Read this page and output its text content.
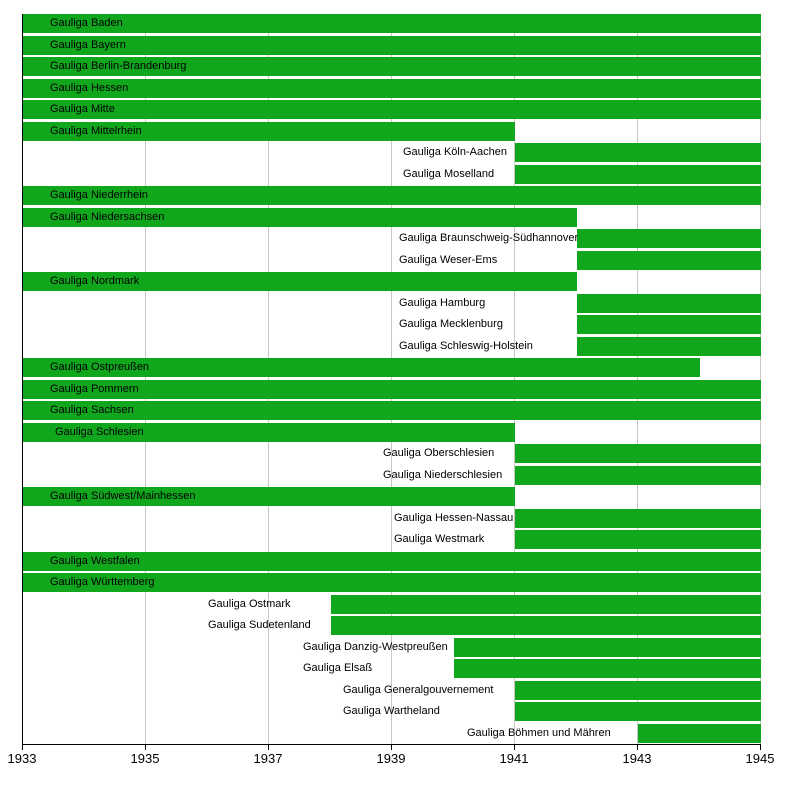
Gauliga Baden
Gauliga Bayern
Gauliga Berlin-Brandenburg
Gauliga Hessen
Gauliga Mitte
Gauliga Mittelrhein
Gauliga Köln-Aachen
Gauliga Moselland
Gauliga Niederrhein
Gauliga Niedersachsen
Gauliga Braunschweig-Südhannover
Gauliga Weser-Ems
Gauliga Nordmark
Gauliga Hamburg
Gauliga Mecklenburg
Gauliga Schleswig-Holstein
Gauliga Ostpreußen
Gauliga Pommern
Gauliga Sachsen
Gauliga Schlesien
Gauliga Oberschlesien
Gauliga Niederschlesien
Gauliga Südwest/Mainhessen
Gauliga Hessen-Nassau
Gauliga Westmark
Gauliga Westfalen
Gauliga Württemberg
Gauliga Ostmark
Gauliga Sudetenland
Gauliga Danzig-Westpreußen
Gauliga Elsaß
Gauliga Generalgouvernement
Gauliga Wartheland
Gauliga Böhmen und Mähren
1933	1935	1937	1939	1941	1943	1945
